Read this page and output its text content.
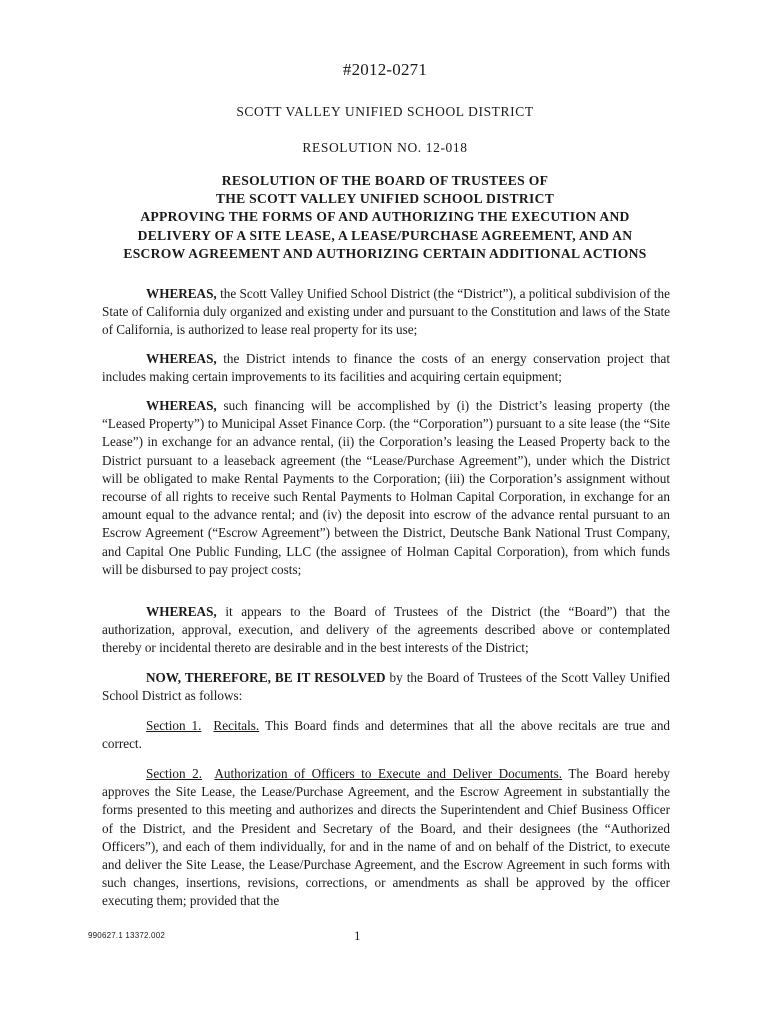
#2012-0271
SCOTT VALLEY UNIFIED SCHOOL DISTRICT
RESOLUTION NO. 12-018
RESOLUTION OF THE BOARD OF TRUSTEES OF
THE SCOTT VALLEY UNIFIED SCHOOL DISTRICT
APPROVING THE FORMS OF AND AUTHORIZING THE EXECUTION AND
DELIVERY OF A SITE LEASE, A LEASE/PURCHASE AGREEMENT, AND AN
ESCROW AGREEMENT AND AUTHORIZING CERTAIN ADDITIONAL ACTIONS

WHEREAS, the Scott Valley Unified School District (the “District”), a political subdivision of the State of California duly organized and existing under and pursuant to the Constitution and laws of the State of California, is authorized to lease real property for its use;

WHEREAS, the District intends to finance the costs of an energy conservation project that includes making certain improvements to its facilities and acquiring certain equipment;

WHEREAS, such financing will be accomplished by (i) the District’s leasing property (the “Leased Property”) to Municipal Asset Finance Corp. (the “Corporation”) pursuant to a site lease (the “Site Lease”) in exchange for an advance rental, (ii) the Corporation’s leasing the Leased Property back to the District pursuant to a leaseback agreement (the “Lease/Purchase Agreement”), under which the District will be obligated to make Rental Payments to the Corporation; (iii) the Corporation’s assignment without recourse of all rights to receive such Rental Payments to Holman Capital Corporation, in exchange for an amount equal to the advance rental; and (iv) the deposit into escrow of the advance rental pursuant to an Escrow Agreement (“Escrow Agreement”) between the District, Deutsche Bank National Trust Company, and Capital One Public Funding, LLC (the assignee of Holman Capital Corporation), from which funds will be disbursed to pay project costs;

WHEREAS, it appears to the Board of Trustees of the District (the “Board”) that the authorization, approval, execution, and delivery of the agreements described above or contemplated thereby or incidental thereto are desirable and in the best interests of the District;

NOW, THEREFORE, BE IT RESOLVED by the Board of Trustees of the Scott Valley Unified School District as follows:

Section 1. Recitals. This Board finds and determines that all the above recitals are true and correct.

Section 2. Authorization of Officers to Execute and Deliver Documents. The Board hereby approves the Site Lease, the Lease/Purchase Agreement, and the Escrow Agreement in substantially the forms presented to this meeting and authorizes and directs the Superintendent and Chief Business Officer of the District, and the President and Secretary of the Board, and their designees (the “Authorized Officers”), and each of them individually, for and in the name of and on behalf of the District, to execute and deliver the Site Lease, the Lease/Purchase Agreement, and the Escrow Agreement in such forms with such changes, insertions, revisions, corrections, or amendments as shall be approved by the officer executing them; provided that the

990627.1 13372.002	1
